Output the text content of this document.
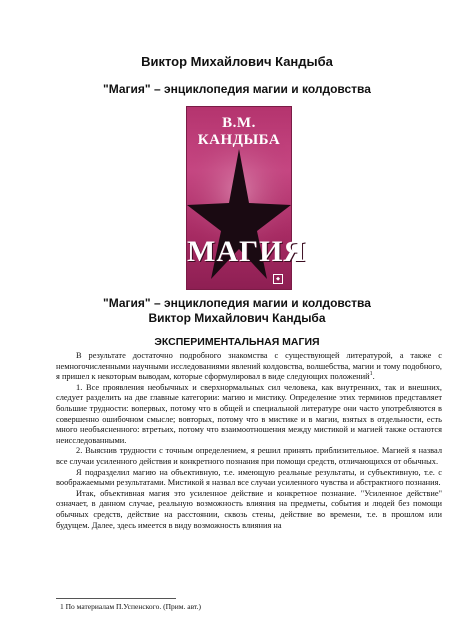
Виктор Михайлович Кандыба
"Магия" – энциклопедия магии и колдовства
В.М. КАНДЫБА
МАГИЯ
◆
"Магия" – энциклопедия магии и колдовства
Виктор Михайлович Кандыба
ЭКСПЕРИМЕНТАЛЬНАЯ МАГИЯ

В результате достаточно подробного знакомства с существующей литературой, а также с немногочисленными научными исследованиями явлений колдовства, волшебства, магии и тому подобного, я пришел к некоторым выводам, которые сформулировал в виде следующих положений$^1$.

1. Все проявления необычных и сверхнормальных сил человека, как внутренних, так и внешних, следует разделить на две главные категории: магию и мистику. Определение этих терминов представляет большие трудности: вопервых, потому что в общей и специальной литературе они часто употребляются в совершенно ошибочном смысле; вовторых, потому что в мистике и в магии, взятых в отдельности, есть много необъясненного: втретьих, потому что взаимоотношения между мистикой и магией также остаются неисследованными.

2. Выяснив трудности с точным определением, я решил принять приблизительное. Магией я назвал все случаи усиленного действия и конкретного познания при помощи средств, отличающихся от обычных.

Я подразделил магию на объективную, т.е. имеющую реальные результаты, и субъективную, т.е. с воображаемыми результатами. Мистикой я назвал все случаи усиленного чувства и абстрактного познания.

Итак, объективная магия это усиленное действие и конкретное познание. "Усиленное действие" означает, в данном случае, реальную возможность влияния на предметы, события и людей без помощи обычных средств, действие на расстоянии, сквозь стены, действие во времени, т.е. в прошлом или будущем. Далее, здесь имеется в виду возможность влияния на

1 По материалам П.Успенского. (Прим. авт.)
